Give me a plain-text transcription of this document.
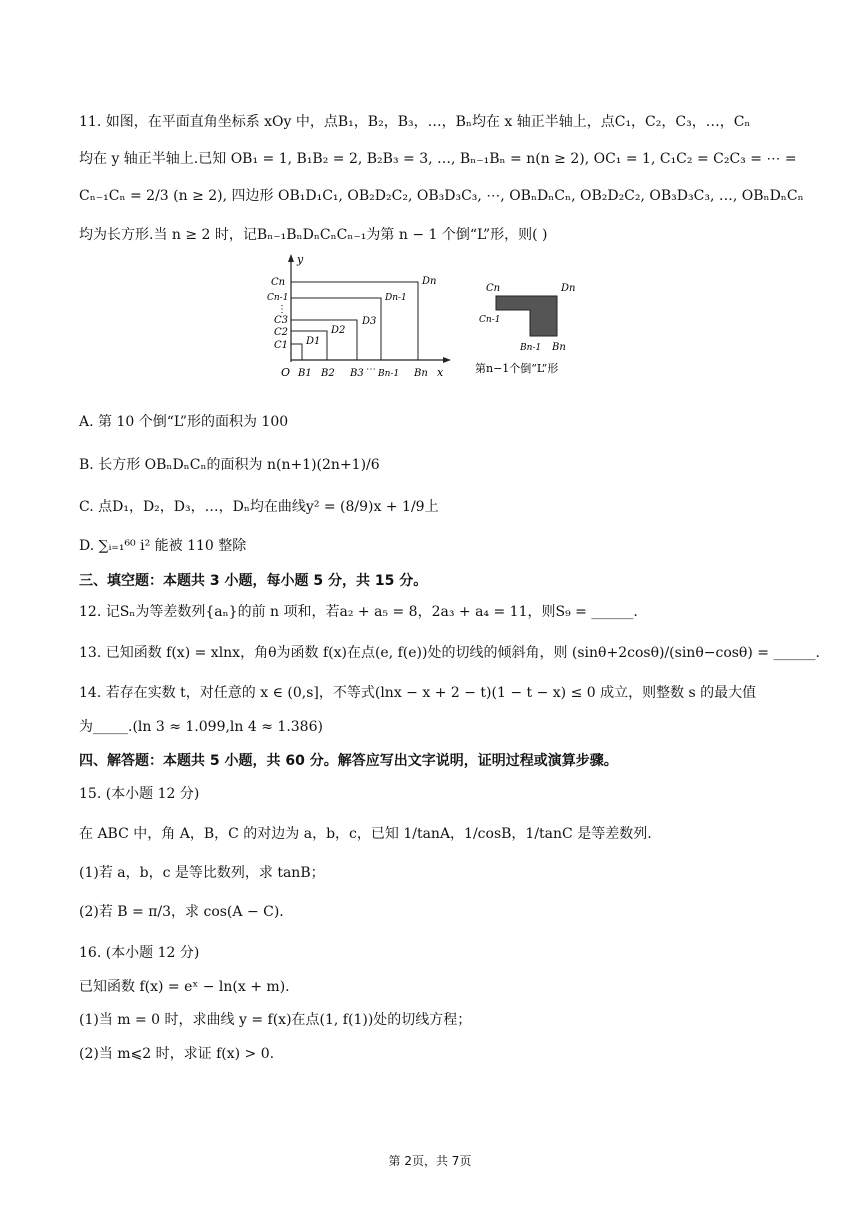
11. 如图，在平面直角坐标系 xOy 中，点B₁，B₂，B₃，…，Bₙ均在 x 轴正半轴上，点C₁，C₂，C₃，…，Cₙ
均在 y 轴正半轴上.已知 OB₁ = 1, B₁B₂ = 2, B₂B₃ = 3, …, Bₙ₋₁Bₙ = n(n ≥ 2), OC₁ = 1, C₁C₂ = C₂C₃ = ⋯ =
Cₙ₋₁Cₙ = 2/3 (n ≥ 2), 四边形 OB₁D₁C₁, OB₂D₂C₂, OB₃D₃C₃, ⋯, OBₙDₙCₙ, OB₂D₂C₂, OB₃D₃C₃, …, OBₙDₙCₙ
均为长方形.当 n ≥ 2 时，记Bₙ₋₁BₙDₙCₙCₙ₋₁为第 n − 1 个倒“L”形，则( )
y
x
O
Cn
Cn-1
⋮
C3
C2
C1
B1 B2 B3 ⋯ Bn-1 Bn
D1
D2
D3
Dn-1
Dn
Cn	Dn
Cn-1
Bn-1 Bn
第n−1个倒“L”形
A. 第 10 个倒“L”形的面积为 100
B. 长方形 OBₙDₙCₙ的面积为 n(n+1)(2n+1)/6
C. 点D₁，D₂，D₃，…，Dₙ均在曲线y² = (8/9)x + 1/9上
D. ∑ᵢ₌₁⁶⁰ i² 能被 110 整除
三、填空题：本题共 3 小题，每小题 5 分，共 15 分。
12. 记Sₙ为等差数列{aₙ}的前 n 项和，若a₂ + a₅ = 8，2a₃ + a₄ = 11，则S₉ = ______.
13. 已知函数 f(x) = xlnx，角θ为函数 f(x)在点(e, f(e))处的切线的倾斜角，则 (sinθ+2cosθ)/(sinθ−cosθ) = ______.
14. 若存在实数 t，对任意的 x ∈ (0,s]，不等式(lnx − x + 2 − t)(1 − t − x) ≤ 0 成立，则整数 s 的最大值
为_____.(ln 3 ≈ 1.099,ln 4 ≈ 1.386)
四、解答题：本题共 5 小题，共 60 分。解答应写出文字说明，证明过程或演算步骤。
15. (本小题 12 分)
在 ABC 中，角 A，B，C 的对边为 a，b，c，已知 1/tanA，1/cosB，1/tanC 是等差数列.
(1)若 a，b，c 是等比数列，求 tanB；
(2)若 B = π/3，求 cos(A − C).
16. (本小题 12 分)
已知函数 f(x) = eˣ − ln(x + m).
(1)当 m = 0 时，求曲线 y = f(x)在点(1, f(1))处的切线方程；
(2)当 m⩽2 时，求证 f(x) > 0.
第 2页，共 7页
